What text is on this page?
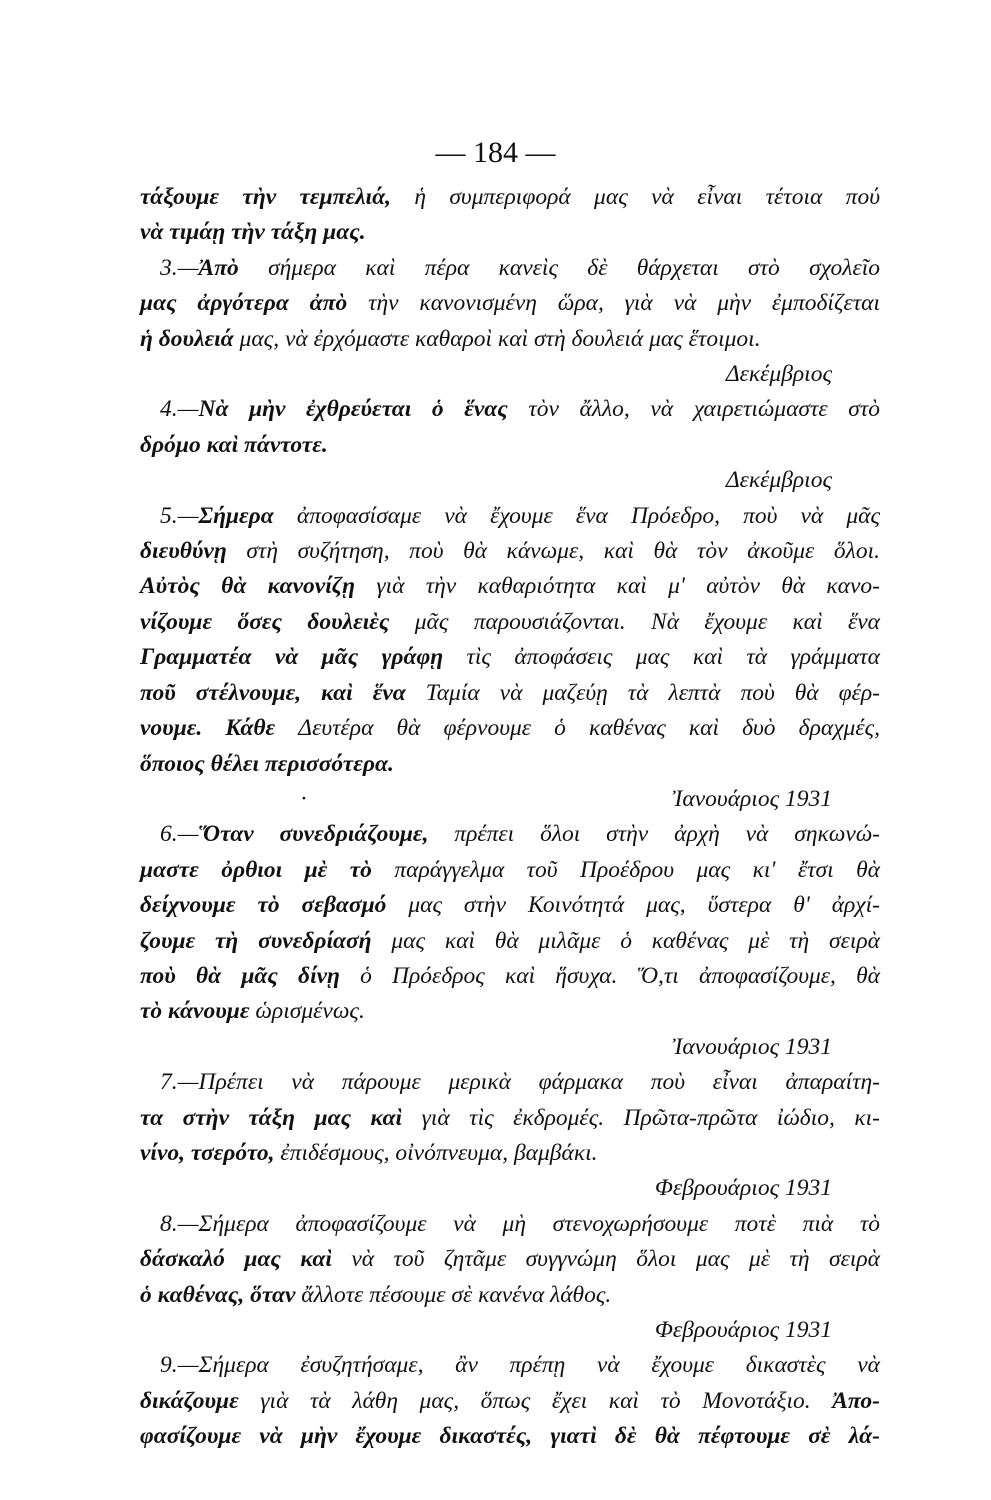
— 184 —
τάξουμε τὴν τεμπελιά, ἡ συμπεριφορά μας νὰ εἶναι τέτοια πού
νὰ τιμάῃ τὴν τάξη μας.
3.—Ἀπὸ σήμερα καὶ πέρα κανεὶς δὲ θάρχεται στὸ σχολεῖο
μας ἀργότερα ἀπὸ τὴν κανονισμένη ὥρα, γιὰ νὰ μὴν ἐμποδίζεται
ἡ δουλειά μας, νὰ ἐρχόμαστε καθαροὶ καὶ στὴ δουλειά μας ἕτοιμοι.
Δεκέμβριος
4.—Νὰ μὴν ἐχθρεύεται ὁ ἕνας τὸν ἄλλο, νὰ χαιρετιώμαστε στὸ
δρόμο καὶ πάντοτε.
Δεκέμβριος
5.—Σήμερα ἀποφασίσαμε νὰ ἔχουμε ἕνα Πρόεδρο, ποὺ νὰ μᾶς
διευθύνῃ στὴ συζήτηση, ποὺ θὰ κάνωμε, καὶ θὰ τὸν ἀκοῦμε ὅλοι.
Αὐτὸς θὰ κανονίζῃ γιὰ τὴν καθαριότητα καὶ μ' αὐτὸν θὰ κανο-
νίζουμε ὅσες δουλειὲς μᾶς παρουσιάζονται. Νὰ ἔχουμε καὶ ἕνα
Γραμματέα νὰ μᾶς γράφῃ τὶς ἀποφάσεις μας καὶ τὰ γράμματα
ποῦ στέλνουμε, καὶ ἕνα Ταμία νὰ μαζεύῃ τὰ λεπτὰ ποὺ θὰ φέρ-
νουμε. Κάθε Δευτέρα θὰ φέρνουμε ὁ καθένας καὶ δυὸ δραχμές,
ὅποιος θέλει περισσότερα.
·	Ἰανουάριος 1931
6.—Ὅταν συνεδριάζουμε, πρέπει ὅλοι στὴν ἀρχὴ νὰ σηκωνώ-
μαστε ὀρθιοι μὲ τὸ παράγγελμα τοῦ Προέδρου μας κι' ἔτσι θὰ
δείχνουμε τὸ σεβασμό μας στὴν Κοινότητά μας, ὕστερα θ' ἀρχί-
ζουμε τὴ συνεδρίασή μας καὶ θὰ μιλᾶμε ὁ καθένας μὲ τὴ σειρὰ
ποὺ θὰ μᾶς δίνῃ ὁ Πρόεδρος καὶ ἥσυχα. Ὅ,τι ἀποφασίζουμε, θὰ
τὸ κάνουμε ὡρισμένως.
Ἰανουάριος 1931
7.—Πρέπει νὰ πάρουμε μερικὰ φάρμακα ποὺ εἶναι ἀπαραίτη-
τα στὴν τάξη μας καὶ γιὰ τὶς ἐκδρομές. Πρῶτα-πρῶτα ἰώδιο, κι-
νίνο, τσερότο, ἐπιδέσμους, οἰνόπνευμα, βαμβάκι.
Φεβρουάριος 1931
8.—Σήμερα ἀποφασίζουμε νὰ μὴ στενοχωρήσουμε ποτὲ πιὰ τὸ
δάσκαλό μας καὶ νὰ τοῦ ζητᾶμε συγγνώμη ὅλοι μας μὲ τὴ σειρὰ
ὁ καθένας, ὅταν ἄλλοτε πέσουμε σὲ κανένα λάθος.
Φεβρουάριος 1931
9.—Σήμερα ἐσυζητήσαμε, ἂν πρέπῃ νὰ ἔχουμε δικαστὲς νὰ
δικάζουμε γιὰ τὰ λάθη μας, ὅπως ἔχει καὶ τὸ Μονοτάξιο. Ἀπο-
φασίζουμε νὰ μὴν ἔχουμε δικαστές, γιατὶ δὲ θὰ πέφτουμε σὲ λά-
